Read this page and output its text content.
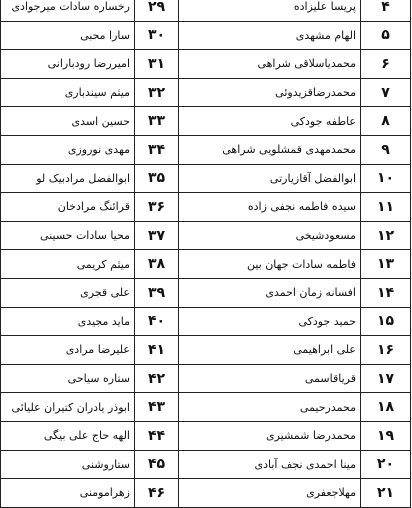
رخساره سادات میرجوادی	۲۹	پریسا علیزاده	۴
سارا محبی	۳۰	الهام مشهدی	۵
امیررضا رودبارانی	۳۱	محمدیاسلاقی شراهی	۶
میثم سیندباری	۳۲	محمدرضاقزیدوئی	۷
حسین اسدی	۳۳	عاطفه جودکی	۸
مهدی نوروزی	۳۴	محمدمهدی قمشلویی شراهی	۹
ابوالفضل مرادبیک لو	۳۵	ابوالفضل آقازیارتی	۱۰
قرائنگ مرادخان	۳۶	سیده فاطمه نجفی زاده	۱۱
محیا سادات حسینی	۳۷	مسعودشیخی	۱۲
میثم کریمی	۳۸	فاطمه سادات جهان بین	۱۳
علی قجری	۳۹	افسانه زمان احمدی	۱۴
ماید مجیدی	۴۰	حمید جودکی	۱۵
علیرضا مرادی	۴۱	علی ابراهیمی	۱۶
ستاره سیاحی	۴۲	قریاقاسمی	۱۷
ابوذر یادران کتیران علیائی	۴۳	محمدرحیمی	۱۸
الهه حاج علی بیگی	۴۴	محمدرضا شمشیری	۱۹
ستاروشنی	۴۵	مینا احمدی نجف آبادی	۲۰
زهرامومنی	۴۶	مهلاجعفری	۲۱
